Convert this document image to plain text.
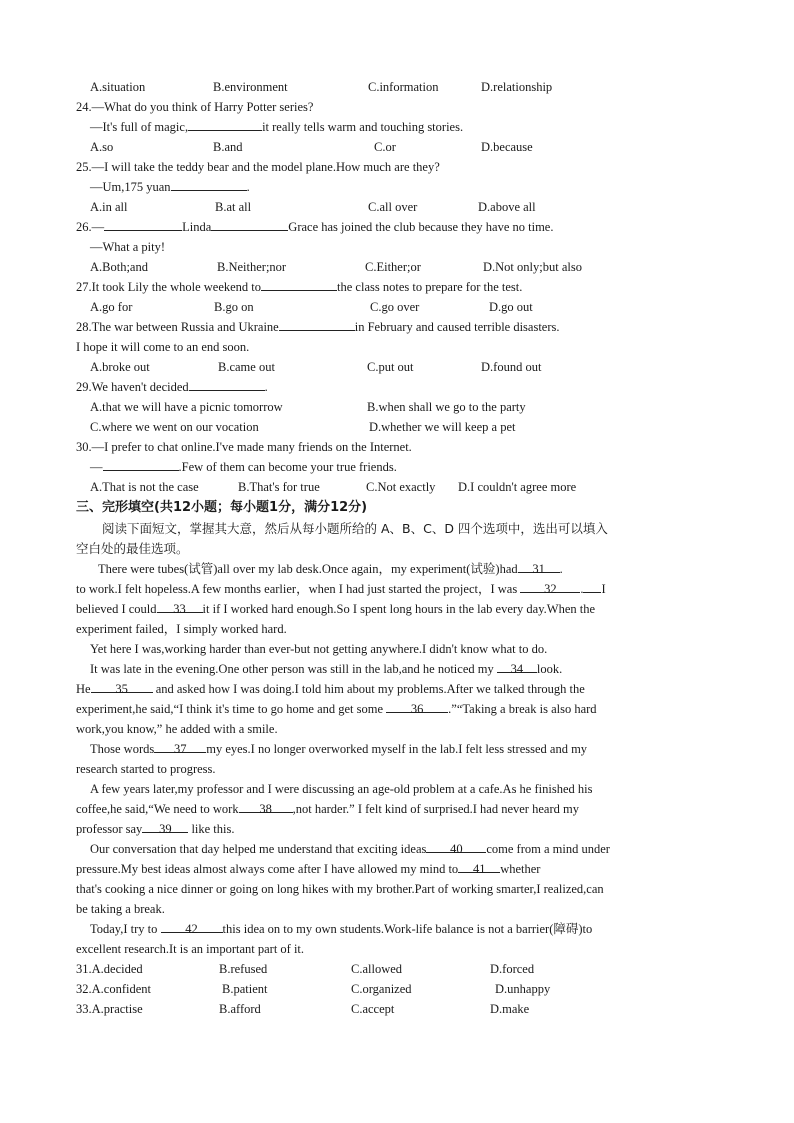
A.situation	B.environment	C.information	D.relationship
24.—What do you think of Harry Potter series?
—It's full of magic,	it really tells warm and touching stories.
A.so	B.and	C.or	D.because
25.—I will take the teddy bear and the model plane.How much are they?
—Um,175 yuan	.
A.in all	B.at all	C.all over	D.above all
26.—	Linda	Grace has joined the club because they have no time.
—What a pity!
A.Both;and	B.Neither;nor	C.Either;or	D.Not only;but also
27.It took Lily the whole weekend to	the class notes to prepare for the test.
A.go for	B.go on	C.go over	D.go out
28.The war between Russia and Ukraine	in February and caused terrible disasters.
I hope it will come to an end soon.
A.broke out	B.came out	C.put out	D.found out
29.We haven't decided	.
A.that we will have a picnic tomorrow	B.when shall we go to the party
C.where we went on our vocation	D.whether we will keep a pet
30.—I prefer to chat online.I've made many friends on the Internet.
—	.Few of them can become your true friends.
A.That is not the case	B.That's for true	C.Not exactly D.I couldn't agree more
三、完形填空(共12小题；每小题1分，满分12分)
阅读下面短文，掌握其大意，然后从每小题所给的 A、B、C、D 四个选项中，选出可以填入
空白处的最佳选项。
There were tubes(试管)all over my lab desk.Once again，my experiment(试验)had 31 .
to work.I felt hopeless.A few months earlier，when I had just started the project，I was 32 . I
believed I could 33 it if I worked hard enough.So I spent long hours in the lab every day.When the
experiment failed，I simply worked hard.
Yet here I was,working harder than ever-but not getting anywhere.I didn't know what to do.
It was late in the evening.One other person was still in the lab,and he noticed my 34 look.
He 35 and asked how I was doing.I told him about my problems.After we talked through the
experiment,he said,“I think it's time to go home and get some 36 .”“Taking a break is also hard
work,you know,” he added with a smile.
Those words 37 my eyes.I no longer overworked myself in the lab.I felt less stressed and my
research started to progress.
A few years later,my professor and I were discussing an age-old problem at a cafe.As he finished his
coffee,he said,“We need to work 38 ,not harder.” I felt kind of surprised.I had never heard my
professor say 39 like this.
Our conversation that day helped me understand that exciting ideas 40 come from a mind under
pressure.My best ideas almost always come after I have allowed my mind to 41 whether
that's cooking a nice dinner or going on long hikes with my brother.Part of working smarter,I realized,can
be taking a break.
Today,I try to 42 this idea on to my own students.Work-life balance is not a barrier(障碍)to
excellent research.It is an important part of it.
31.A.decided	B.refused	C.allowed	D.forced
32.A.confident	B.patient	C.organized	D.unhappy
33.A.practise	B.afford	C.accept	D.make
